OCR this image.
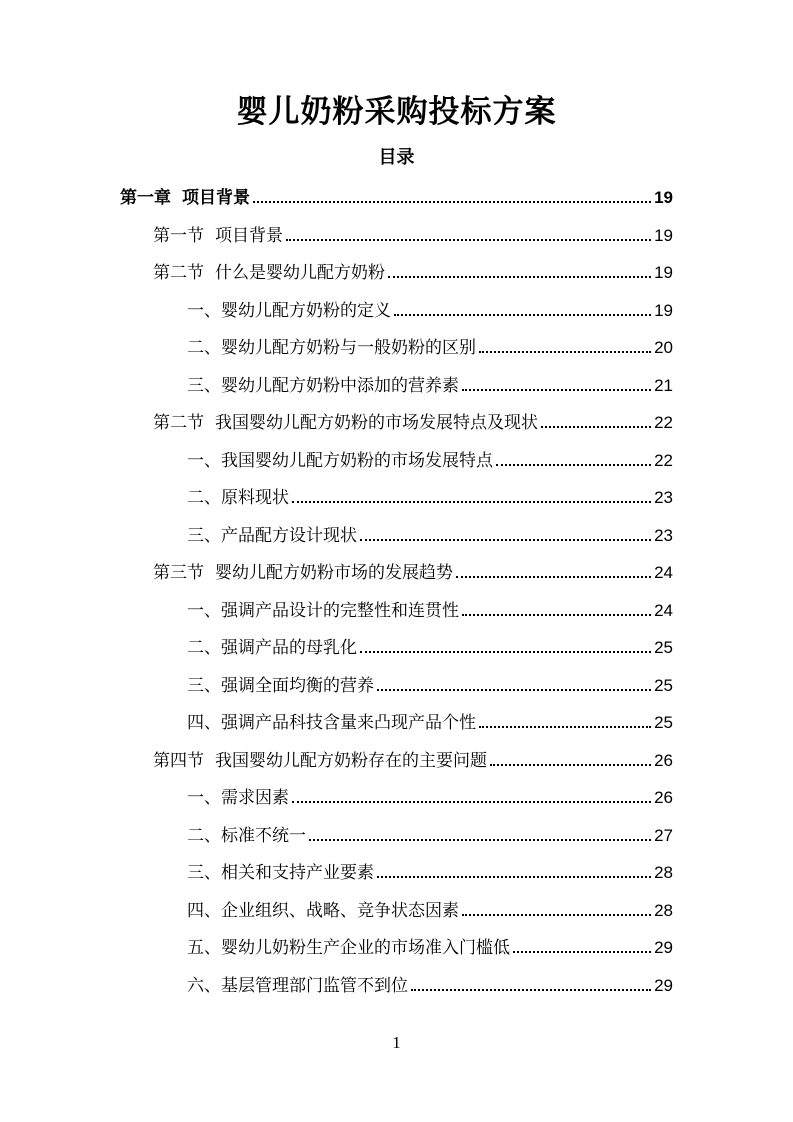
婴儿奶粉采购投标方案
目录
第一章 项目背景	19
第一节 项目背景	19
第二节 什么是婴幼儿配方奶粉	19
一、婴幼儿配方奶粉的定义	19
二、婴幼儿配方奶粉与一般奶粉的区别	20
三、婴幼儿配方奶粉中添加的营养素	21
第二节 我国婴幼儿配方奶粉的市场发展特点及现状	22
一、我国婴幼儿配方奶粉的市场发展特点	22
二、原料现状	23
三、产品配方设计现状	23
第三节 婴幼儿配方奶粉市场的发展趋势	24
一、强调产品设计的完整性和连贯性	24
二、强调产品的母乳化	25
三、强调全面均衡的营养	25
四、强调产品科技含量来凸现产品个性	25
第四节 我国婴幼儿配方奶粉存在的主要问题	26
一、需求因素	26
二、标准不统一	27
三、相关和支持产业要素	28
四、企业组织、战略、竞争状态因素	28
五、婴幼儿奶粉生产企业的市场准入门槛低	29
六、基层管理部门监管不到位	29
1
